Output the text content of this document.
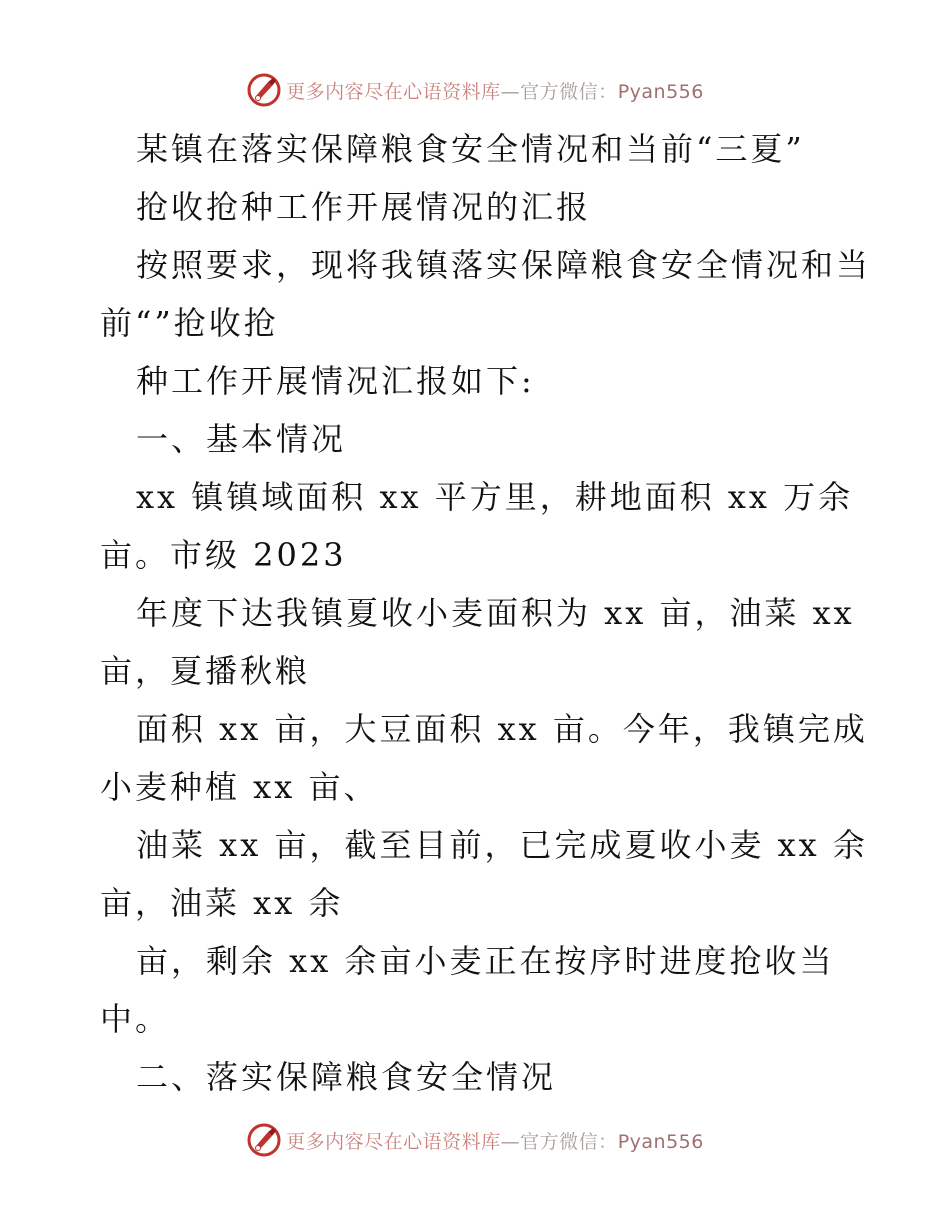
更多内容尽在心语资料库—官方微信：Pyan556
某镇在落实保障粮食安全情况和当前“三夏”
抢收抢种工作开展情况的汇报
按照要求，现将我镇落实保障粮食安全情况和当
前“”抢收抢
种工作开展情况汇报如下:
一、基本情况
xx 镇镇域面积 xx 平方里，耕地面积 xx 万余
亩。市级 2023
年度下达我镇夏收小麦面积为 xx 亩，油菜 xx
亩，夏播秋粮
面积 xx 亩，大豆面积 xx 亩。今年，我镇完成
小麦种植 xx 亩、
油菜 xx 亩，截至目前，已完成夏收小麦 xx 余
亩，油菜 xx 余
亩，剩余 xx 余亩小麦正在按序时进度抢收当
中。
二、落实保障粮食安全情况
更多内容尽在心语资料库—官方微信：Pyan556
